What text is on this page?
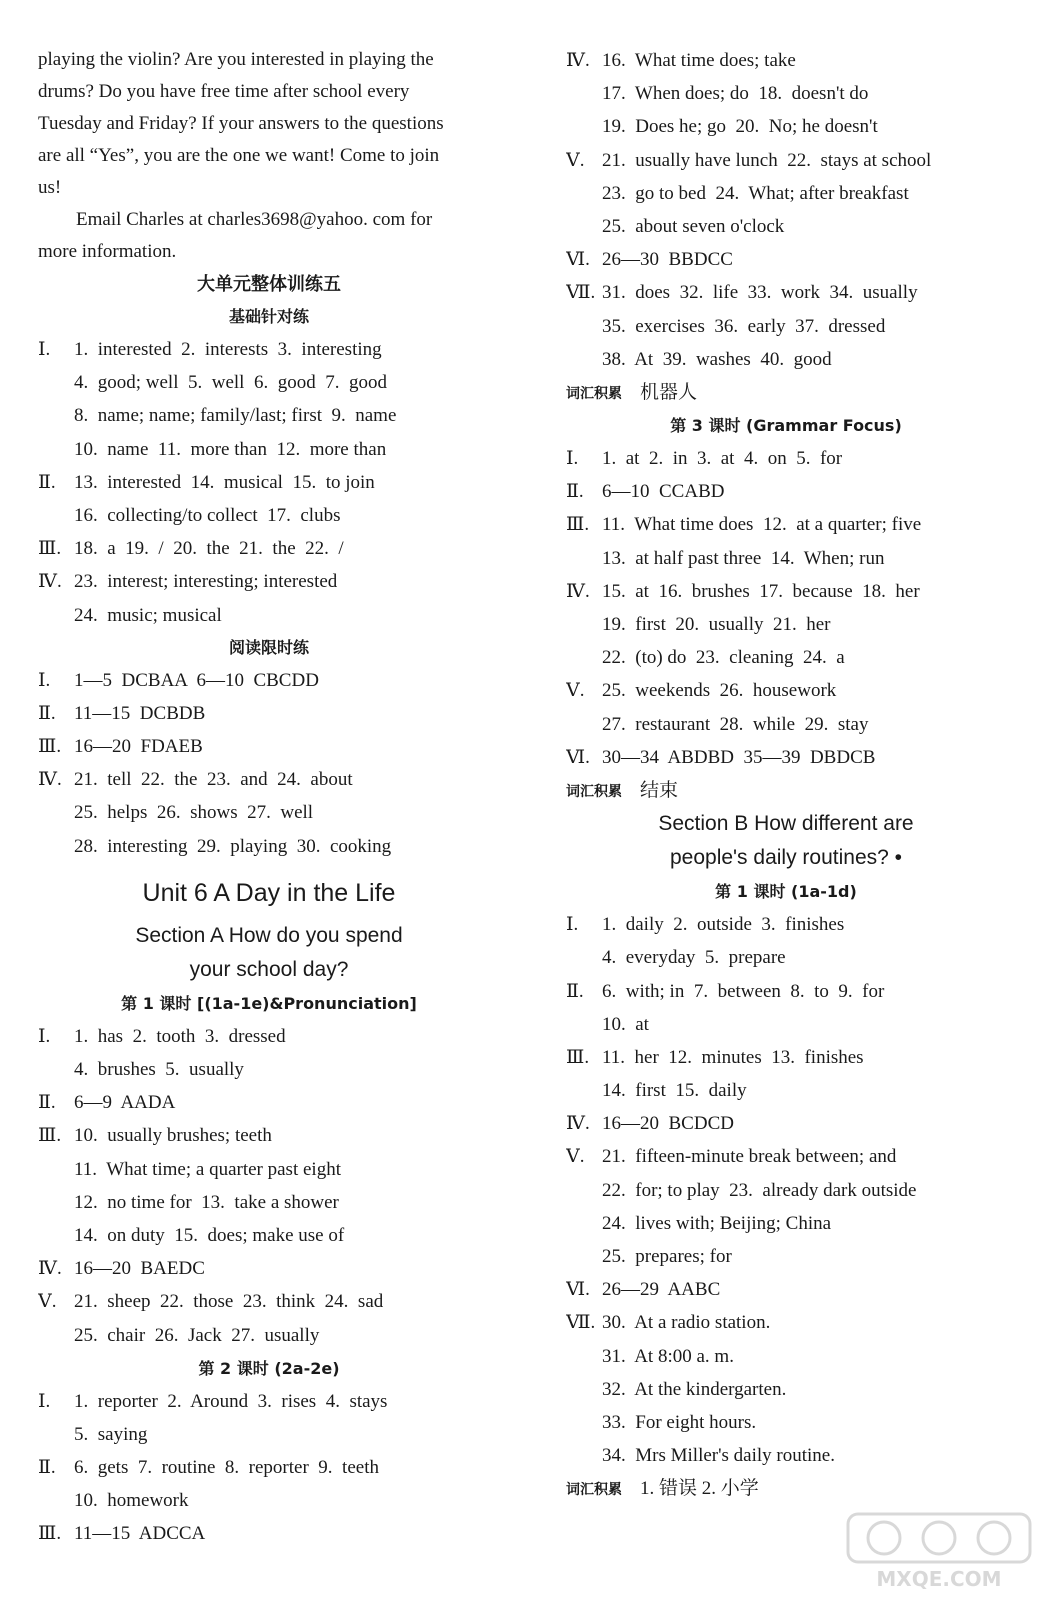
playing the violin? Are you interested in playing the
drums? Do you have free time after school every
Tuesday and Friday? If your answers to the questions
are all “Yes”, you are the one we want! Come to join
us!
Email Charles at charles3698@yahoo. com for
more information.
大单元整体训练五
基础针对练
Ⅰ. 1.  interested  2.  interests  3.  interesting
4.  good; well  5.  well  6.  good  7.  good
8.  name; name; family/last; first  9.  name
10.  name  11.  more than  12.  more than
Ⅱ. 13.  interested  14.  musical  15.  to join
16.  collecting/to collect  17.  clubs
Ⅲ. 18.  a  19.  /  20.  the  21.  the  22.  /
Ⅳ. 23.  interest; interesting; interested
24.  music; musical
阅读限时练
Ⅰ. 1—5  DCBAA  6—10  CBCDD
Ⅱ. 11—15  DCBDB
Ⅲ. 16—20  FDAEB
Ⅳ. 21.  tell  22.  the  23.  and  24.  about
25.  helps  26.  shows  27.  well
28.  interesting  29.  playing  30.  cooking
Unit 6 A Day in the Life
Section A How do you spend
your school day?
第 1 课时 [(1a-1e)&Pronunciation]
Ⅰ. 1.  has  2.  tooth  3.  dressed
4.  brushes  5.  usually
Ⅱ. 6—9  AADA
Ⅲ. 10.  usually brushes; teeth
11.  What time; a quarter past eight
12.  no time for  13.  take a shower
14.  on duty  15.  does; make use of
Ⅳ. 16—20  BAEDC
Ⅴ. 21.  sheep  22.  those  23.  think  24.  sad
25.  chair  26.  Jack  27.  usually
第 2 课时 (2a-2e)
Ⅰ. 1.  reporter  2.  Around  3.  rises  4.  stays
5.  saying
Ⅱ. 6.  gets  7.  routine  8.  reporter  9.  teeth
10.  homework
Ⅲ. 11—15  ADCCA
Ⅳ. 16.  What time does; take
17.  When does; do  18.  doesn't do
19.  Does he; go  20.  No; he doesn't
Ⅴ. 21.  usually have lunch  22.  stays at school
23.  go to bed  24.  What; after breakfast
25.  about seven o'clock
Ⅵ. 26—30  BBDCC
Ⅶ. 31.  does  32.  life  33.  work  34.  usually
35.  exercises  36.  early  37.  dressed
38.  At  39.  washes  40.  good
词汇积累 机器人
第 3 课时 (Grammar Focus)
Ⅰ. 1.  at  2.  in  3.  at  4.  on  5.  for
Ⅱ. 6—10  CCABD
Ⅲ. 11.  What time does  12.  at a quarter; five
13.  at half past three  14.  When; run
Ⅳ. 15.  at  16.  brushes  17.  because  18.  her
19.  first  20.  usually  21.  her
22.  (to) do  23.  cleaning  24.  a
Ⅴ. 25.  weekends  26.  housework
27.  restaurant  28.  while  29.  stay
Ⅵ. 30—34  ABDBD  35—39  DBDCB
词汇积累 结束
Section B How different are
people's daily routines? •
第 1 课时 (1a-1d)
Ⅰ. 1.  daily  2.  outside  3.  finishes
4.  everyday  5.  prepare
Ⅱ. 6.  with; in  7.  between  8.  to  9.  for
10.  at
Ⅲ. 11.  her  12.  minutes  13.  finishes
14.  first  15.  daily
Ⅳ. 16—20  BCDCD
Ⅴ. 21.  fifteen-minute break between; and
22.  for; to play  23.  already dark outside
24.  lives with; Beijing; China
25.  prepares; for
Ⅵ. 26—29  AABC
Ⅶ. 30.  At a radio station.
31.  At 8:00 a. m.
32.  At the kindergarten.
33.  For eight hours.
34.  Mrs Miller's daily routine.
词汇积累 1. 错误 2. 小学
MXQE.COM
